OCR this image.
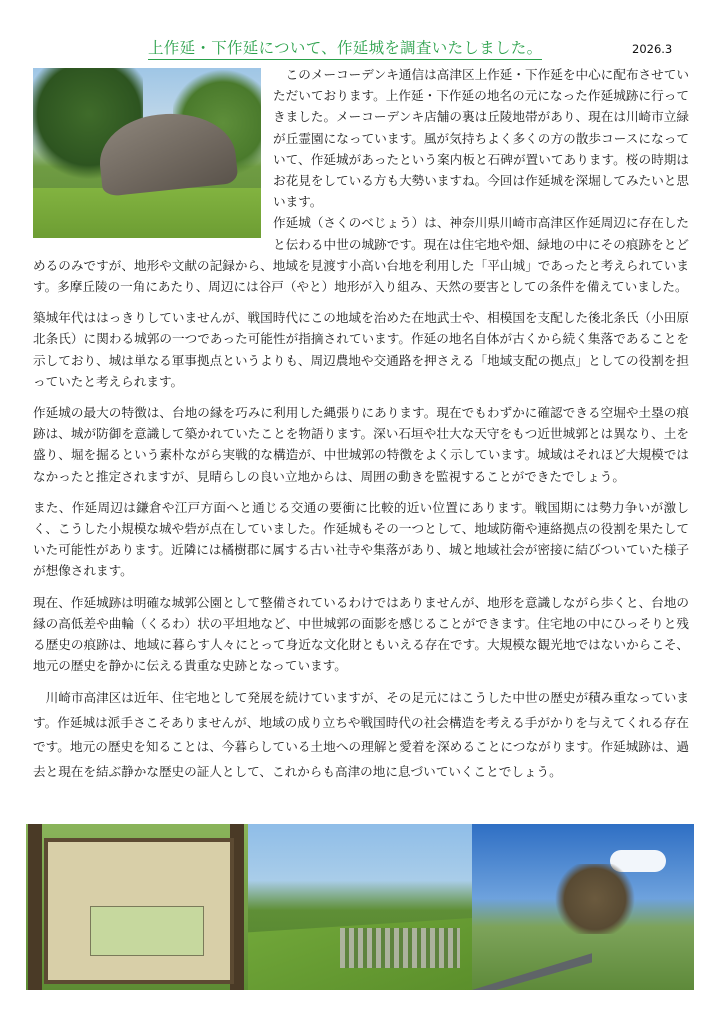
上作延・下作延について、作延城を調査いたしました。	2026.3

　このメーコーデンキ通信は高津区上作延・下作延を中心に配布させていただいております。上作延・下作延の地名の元になった作延城跡に行ってきました。メーコーデンキ店舗の裏は丘陵地帯があり、現在は川崎市立緑が丘霊園になっています。風が気持ちよく多くの方の散歩コースになっていて、作延城があったという案内板と石碑が置いてあります。桜の時期はお花見をしている方も大勢いますね。今回は作延城を深堀してみたいと思います。

作延城（さくのべじょう）は、神奈川県川崎市高津区作延周辺に存在したと伝わる中世の城跡です。現在は住宅地や畑、緑地の中にその痕跡をとどめるのみですが、地形や文献の記録から、地域を見渡す小高い台地を利用した「平山城」であったと考えられています。多摩丘陵の一角にあたり、周辺には谷戸（やと）地形が入り組み、天然の要害としての条件を備えていました。

築城年代ははっきりしていませんが、戦国時代にこの地域を治めた在地武士や、相模国を支配した後北条氏（小田原北条氏）に関わる城郭の一つであった可能性が指摘されています。作延の地名自体が古くから続く集落であることを示しており、城は単なる軍事拠点というよりも、周辺農地や交通路を押さえる「地域支配の拠点」としての役割を担っていたと考えられます。

作延城の最大の特徴は、台地の縁を巧みに利用した縄張りにあります。現在でもわずかに確認できる空堀や土塁の痕跡は、城が防御を意識して築かれていたことを物語ります。深い石垣や壮大な天守をもつ近世城郭とは異なり、土を盛り、堀を掘るという素朴ながら実戦的な構造が、中世城郭の特徴をよく示しています。城域はそれほど大規模ではなかったと推定されますが、見晴らしの良い立地からは、周囲の動きを監視することができたでしょう。

また、作延周辺は鎌倉や江戸方面へと通じる交通の要衝に比較的近い位置にあります。戦国期には勢力争いが激しく、こうした小規模な城や砦が点在していました。作延城もその一つとして、地域防衛や連絡拠点の役割を果たしていた可能性があります。近隣には橘樹郡に属する古い社寺や集落があり、城と地域社会が密接に結びついていた様子が想像されます。

現在、作延城跡は明確な城郭公園として整備されているわけではありませんが、地形を意識しながら歩くと、台地の縁の高低差や曲輪（くるわ）状の平坦地など、中世城郭の面影を感じることができます。住宅地の中にひっそりと残る歴史の痕跡は、地域に暮らす人々にとって身近な文化財ともいえる存在です。大規模な観光地ではないからこそ、地元の歴史を静かに伝える貴重な史跡となっています。

　川崎市高津区は近年、住宅地として発展を続けていますが、その足元にはこうした中世の歴史が積み重なっています。作延城は派手さこそありませんが、地域の成り立ちや戦国時代の社会構造を考える手がかりを与えてくれる存在です。地元の歴史を知ることは、今暮らしている土地への理解と愛着を深めることにつながります。作延城跡は、過去と現在を結ぶ静かな歴史の証人として、これからも高津の地に息づいていくことでしょう。
